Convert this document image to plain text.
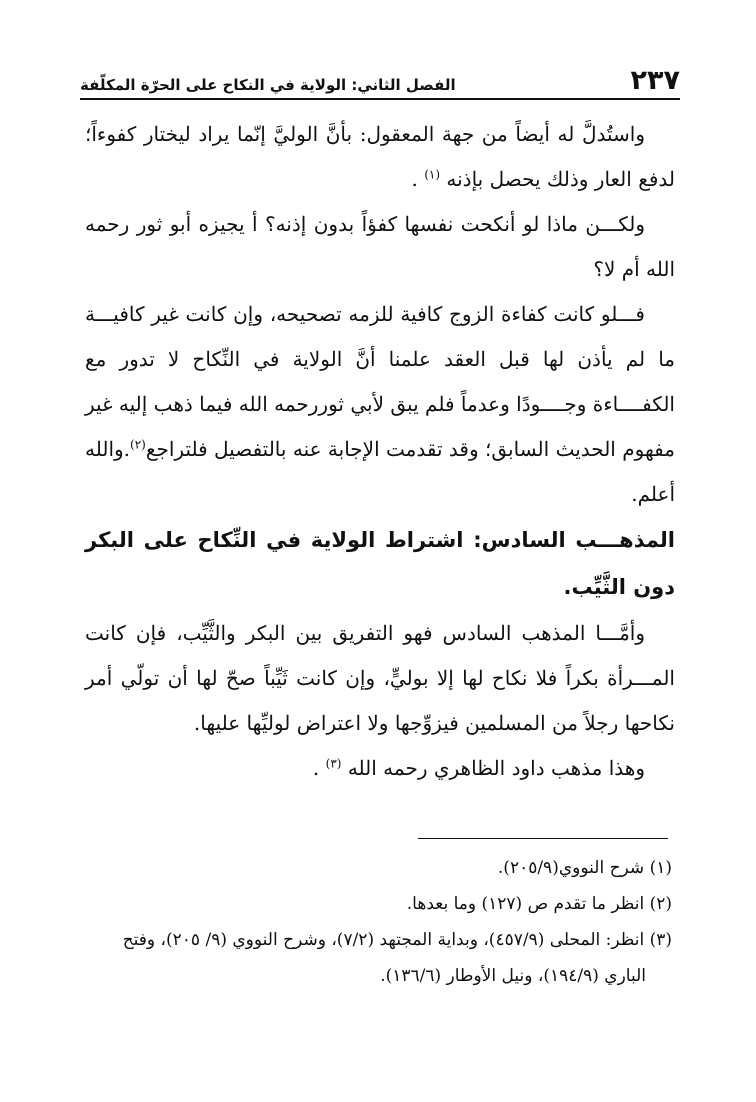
٢٣٧
الفصل الثاني: الولاية في النكاح على الحرّة المكلّفة

واستُدلَّ له أيضاً من جهة المعقول: بأنَّ الوليَّ إنّما يراد ليختار كفوءاً؛ لدفع العار وذلك يحصل بإذنه $^{(١)}$ .

ولكـــن ماذا لو أنكحت نفسها كفؤاً بدون إذنه؟ أ يجيزه أبو ثور رحمه الله أم لا؟

فـــلو كانت كفاءة الزوج كافية للزمه تصحيحه، وإن كانت غير كافيـــة ما لم يأذن لها قبل العقد علمنا أنَّ الولاية في النِّكاح لا تدور مع الكفــــاءة وجــــودًا وعدماً فلم يبق لأبي ثوررحمه الله فيما ذهب إليه غير مفهوم الحديث السابق؛ وقد تقدمت الإجابة عنه بالتفصيل فلتراجع$^{(٢)}$.والله أعلم.

المذهـــب السادس: اشتراط الولاية في النِّكاح على البكر دون الثَّيِّب.

وأمَّـــا المذهب السادس فهو التفريق بين البكر والثَّيِّب، فإن كانت المـــرأة بكراً فلا نكاح لها إلا بوليٍّ، وإن كانت ثَيِّباً صحّ لها أن تولّي أمر نكاحها رجلاً من المسلمين فيزوِّجها ولا اعتراض لوليِّها عليها.

وهذا مذهب داود الظاهري رحمه الله $^{(٣)}$ .

(١) شرح النووي(٢٠٥/٩).

(٢) انظر ما تقدم ص (١٢٧) وما بعدها.

(٣) انظر: المحلى (٤٥٧/٩)، وبداية المجتهد (٧/٢)، وشرح النووي (٩/ ٢٠٥)، وفتح

الباري (١٩٤/٩)، ونيل الأوطار (١٣٦/٦).
